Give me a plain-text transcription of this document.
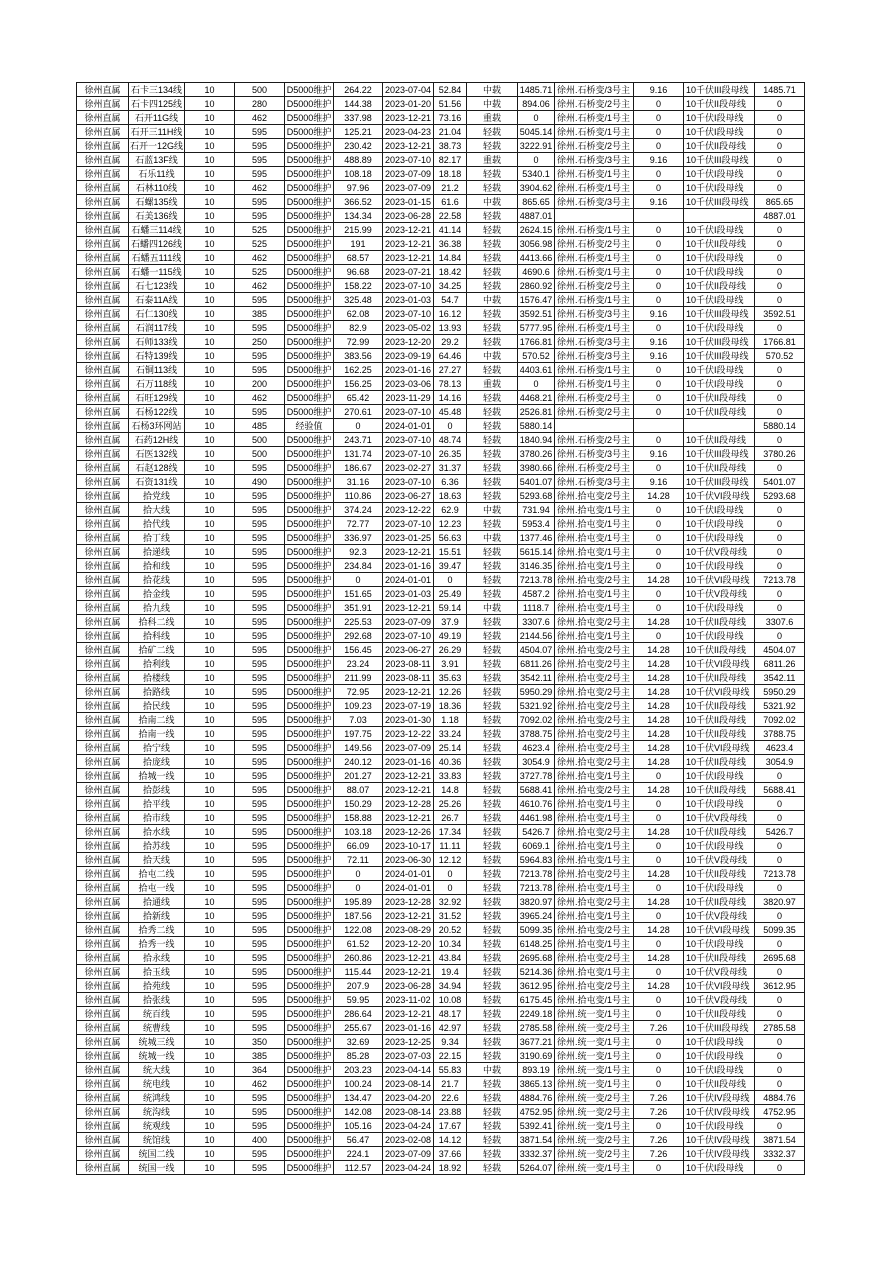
徐州直属	石卡三134线	10	500	D5000维护	264.22	2023-07-04	52.84	中载	1485.71	徐州.石桥变/3号主	9.16	10千伏III段母线	1485.71
徐州直属	石卡四125线	10	280	D5000维护	144.38	2023-01-20	51.56	中载	894.06	徐州.石桥变/2号主	0	10千伏II段母线	0
徐州直属	石开11G线	10	462	D5000维护	337.98	2023-12-21	73.16	重载	0	徐州.石桥变/1号主	0	10千伏I段母线	0
徐州直属	石开三11H线	10	595	D5000维护	125.21	2023-04-23	21.04	轻载	5045.14	徐州.石桥变/1号主	0	10千伏I段母线	0
徐州直属	石开一12G线	10	595	D5000维护	230.42	2023-12-21	38.73	轻载	3222.91	徐州.石桥变/2号主	0	10千伏II段母线	0
徐州直属	石蓝13F线	10	595	D5000维护	488.89	2023-07-10	82.17	重载	0	徐州.石桥变/3号主	9.16	10千伏III段母线	0
徐州直属	石乐11线	10	595	D5000维护	108.18	2023-07-09	18.18	轻载	5340.1	徐州.石桥变/1号主	0	10千伏I段母线	0
徐州直属	石林110线	10	462	D5000维护	97.96	2023-07-09	21.2	轻载	3904.62	徐州.石桥变/1号主	0	10千伏I段母线	0
徐州直属	石螺135线	10	595	D5000维护	366.52	2023-01-15	61.6	中载	865.65	徐州.石桥变/3号主	9.16	10千伏III段母线	865.65
徐州直属	石美136线	10	595	D5000维护	134.34	2023-06-28	22.58	轻载	4887.01				4887.01
徐州直属	石蟠三114线	10	525	D5000维护	215.99	2023-12-21	41.14	轻载	2624.15	徐州.石桥变/1号主	0	10千伏I段母线	0
徐州直属	石蟠四126线	10	525	D5000维护	191	2023-12-21	36.38	轻载	3056.98	徐州.石桥变/2号主	0	10千伏II段母线	0
徐州直属	石蟠五111线	10	462	D5000维护	68.57	2023-12-21	14.84	轻载	4413.66	徐州.石桥变/1号主	0	10千伏I段母线	0
徐州直属	石蟠一115线	10	525	D5000维护	96.68	2023-07-21	18.42	轻载	4690.6	徐州.石桥变/1号主	0	10千伏I段母线	0
徐州直属	石七123线	10	462	D5000维护	158.22	2023-07-10	34.25	轻载	2860.92	徐州.石桥变/2号主	0	10千伏II段母线	0
徐州直属	石泰11A线	10	595	D5000维护	325.48	2023-01-03	54.7	中载	1576.47	徐州.石桥变/1号主	0	10千伏I段母线	0
徐州直属	石仁130线	10	385	D5000维护	62.08	2023-07-10	16.12	轻载	3592.51	徐州.石桥变/3号主	9.16	10千伏III段母线	3592.51
徐州直属	石润117线	10	595	D5000维护	82.9	2023-05-02	13.93	轻载	5777.95	徐州.石桥变/1号主	0	10千伏I段母线	0
徐州直属	石师133线	10	250	D5000维护	72.99	2023-12-20	29.2	轻载	1766.81	徐州.石桥变/3号主	9.16	10千伏III段母线	1766.81
徐州直属	石特139线	10	595	D5000维护	383.56	2023-09-19	64.46	中载	570.52	徐州.石桥变/3号主	9.16	10千伏III段母线	570.52
徐州直属	石铜113线	10	595	D5000维护	162.25	2023-01-16	27.27	轻载	4403.61	徐州.石桥变/1号主	0	10千伏I段母线	0
徐州直属	石万118线	10	200	D5000维护	156.25	2023-03-06	78.13	重载	0	徐州.石桥变/1号主	0	10千伏I段母线	0
徐州直属	石旺129线	10	462	D5000维护	65.42	2023-11-29	14.16	轻载	4468.21	徐州.石桥变/2号主	0	10千伏II段母线	0
徐州直属	石杨122线	10	595	D5000维护	270.61	2023-07-10	45.48	轻载	2526.81	徐州.石桥变/2号主	0	10千伏II段母线	0
徐州直属	石杨3环网站	10	485	经验值	0	2024-01-01	0	轻载	5880.14				5880.14
徐州直属	石药12H线	10	500	D5000维护	243.71	2023-07-10	48.74	轻载	1840.94	徐州.石桥变/2号主	0	10千伏II段母线	0
徐州直属	石医132线	10	500	D5000维护	131.74	2023-07-10	26.35	轻载	3780.26	徐州.石桥变/3号主	9.16	10千伏III段母线	3780.26
徐州直属	石赵128线	10	595	D5000维护	186.67	2023-02-27	31.37	轻载	3980.66	徐州.石桥变/2号主	0	10千伏II段母线	0
徐州直属	石资131线	10	490	D5000维护	31.16	2023-07-10	6.36	轻载	5401.07	徐州.石桥变/3号主	9.16	10千伏III段母线	5401.07
徐州直属	拾党线	10	595	D5000维护	110.86	2023-06-27	18.63	轻载	5293.68	徐州.拾屯变/2号主	14.28	10千伏VI段母线	5293.68
徐州直属	拾大线	10	595	D5000维护	374.24	2023-12-22	62.9	中载	731.94	徐州.拾屯变/1号主	0	10千伏I段母线	0
徐州直属	拾代线	10	595	D5000维护	72.77	2023-07-10	12.23	轻载	5953.4	徐州.拾屯变/1号主	0	10千伏I段母线	0
徐州直属	拾丁线	10	595	D5000维护	336.97	2023-01-25	56.63	中载	1377.46	徐州.拾屯变/1号主	0	10千伏I段母线	0
徐州直属	拾递线	10	595	D5000维护	92.3	2023-12-21	15.51	轻载	5615.14	徐州.拾屯变/1号主	0	10千伏V段母线	0
徐州直属	拾和线	10	595	D5000维护	234.84	2023-01-16	39.47	轻载	3146.35	徐州.拾屯变/1号主	0	10千伏I段母线	0
徐州直属	拾花线	10	595	D5000维护	0	2024-01-01	0	轻载	7213.78	徐州.拾屯变/2号主	14.28	10千伏VI段母线	7213.78
徐州直属	拾金线	10	595	D5000维护	151.65	2023-01-03	25.49	轻载	4587.2	徐州.拾屯变/1号主	0	10千伏V段母线	0
徐州直属	拾九线	10	595	D5000维护	351.91	2023-12-21	59.14	中载	1118.7	徐州.拾屯变/1号主	0	10千伏I段母线	0
徐州直属	拾科二线	10	595	D5000维护	225.53	2023-07-09	37.9	轻载	3307.6	徐州.拾屯变/2号主	14.28	10千伏II段母线	3307.6
徐州直属	拾科线	10	595	D5000维护	292.68	2023-07-10	49.19	轻载	2144.56	徐州.拾屯变/1号主	0	10千伏I段母线	0
徐州直属	拾矿二线	10	595	D5000维护	156.45	2023-06-27	26.29	轻载	4504.07	徐州.拾屯变/2号主	14.28	10千伏II段母线	4504.07
徐州直属	拾利线	10	595	D5000维护	23.24	2023-08-11	3.91	轻载	6811.26	徐州.拾屯变/2号主	14.28	10千伏VI段母线	6811.26
徐州直属	拾楼线	10	595	D5000维护	211.99	2023-08-11	35.63	轻载	3542.11	徐州.拾屯变/2号主	14.28	10千伏II段母线	3542.11
徐州直属	拾路线	10	595	D5000维护	72.95	2023-12-21	12.26	轻载	5950.29	徐州.拾屯变/2号主	14.28	10千伏VI段母线	5950.29
徐州直属	拾民线	10	595	D5000维护	109.23	2023-07-19	18.36	轻载	5321.92	徐州.拾屯变/2号主	14.28	10千伏II段母线	5321.92
徐州直属	拾南二线	10	595	D5000维护	7.03	2023-01-30	1.18	轻载	7092.02	徐州.拾屯变/2号主	14.28	10千伏II段母线	7092.02
徐州直属	拾南一线	10	595	D5000维护	197.75	2023-12-22	33.24	轻载	3788.75	徐州.拾屯变/2号主	14.28	10千伏II段母线	3788.75
徐州直属	拾宁线	10	595	D5000维护	149.56	2023-07-09	25.14	轻载	4623.4	徐州.拾屯变/2号主	14.28	10千伏VI段母线	4623.4
徐州直属	拾庞线	10	595	D5000维护	240.12	2023-01-16	40.36	轻载	3054.9	徐州.拾屯变/2号主	14.28	10千伏II段母线	3054.9
徐州直属	拾城一线	10	595	D5000维护	201.27	2023-12-21	33.83	轻载	3727.78	徐州.拾屯变/1号主	0	10千伏I段母线	0
徐州直属	拾彭线	10	595	D5000维护	88.07	2023-12-21	14.8	轻载	5688.41	徐州.拾屯变/2号主	14.28	10千伏II段母线	5688.41
徐州直属	拾平线	10	595	D5000维护	150.29	2023-12-28	25.26	轻载	4610.76	徐州.拾屯变/1号主	0	10千伏I段母线	0
徐州直属	拾市线	10	595	D5000维护	158.88	2023-12-21	26.7	轻载	4461.98	徐州.拾屯变/1号主	0	10千伏V段母线	0
徐州直属	拾水线	10	595	D5000维护	103.18	2023-12-26	17.34	轻载	5426.7	徐州.拾屯变/2号主	14.28	10千伏II段母线	5426.7
徐州直属	拾苏线	10	595	D5000维护	66.09	2023-10-17	11.11	轻载	6069.1	徐州.拾屯变/1号主	0	10千伏I段母线	0
徐州直属	拾天线	10	595	D5000维护	72.11	2023-06-30	12.12	轻载	5964.83	徐州.拾屯变/1号主	0	10千伏V段母线	0
徐州直属	拾屯二线	10	595	D5000维护	0	2024-01-01	0	轻载	7213.78	徐州.拾屯变/2号主	14.28	10千伏II段母线	7213.78
徐州直属	拾屯一线	10	595	D5000维护	0	2024-01-01	0	轻载	7213.78	徐州.拾屯变/1号主	0	10千伏I段母线	0
徐州直属	拾通线	10	595	D5000维护	195.89	2023-12-28	32.92	轻载	3820.97	徐州.拾屯变/2号主	14.28	10千伏II段母线	3820.97
徐州直属	拾新线	10	595	D5000维护	187.56	2023-12-21	31.52	轻载	3965.24	徐州.拾屯变/1号主	0	10千伏V段母线	0
徐州直属	拾秀二线	10	595	D5000维护	122.08	2023-08-29	20.52	轻载	5099.35	徐州.拾屯变/2号主	14.28	10千伏VI段母线	5099.35
徐州直属	拾秀一线	10	595	D5000维护	61.52	2023-12-20	10.34	轻载	6148.25	徐州.拾屯变/1号主	0	10千伏I段母线	0
徐州直属	拾永线	10	595	D5000维护	260.86	2023-12-21	43.84	轻载	2695.68	徐州.拾屯变/2号主	14.28	10千伏II段母线	2695.68
徐州直属	拾玉线	10	595	D5000维护	115.44	2023-12-21	19.4	轻载	5214.36	徐州.拾屯变/1号主	0	10千伏V段母线	0
徐州直属	拾苑线	10	595	D5000维护	207.9	2023-06-28	34.94	轻载	3612.95	徐州.拾屯变/2号主	14.28	10千伏VI段母线	3612.95
徐州直属	拾张线	10	595	D5000维护	59.95	2023-11-02	10.08	轻载	6175.45	徐州.拾屯变/1号主	0	10千伏V段母线	0
徐州直属	统百线	10	595	D5000维护	286.64	2023-12-21	48.17	轻载	2249.18	徐州.统一变/1号主	0	10千伏II段母线	0
徐州直属	统曹线	10	595	D5000维护	255.67	2023-01-16	42.97	轻载	2785.58	徐州.统一变/2号主	7.26	10千伏III段母线	2785.58
徐州直属	统城三线	10	350	D5000维护	32.69	2023-12-25	9.34	轻载	3677.21	徐州.统一变/1号主	0	10千伏I段母线	0
徐州直属	统城一线	10	385	D5000维护	85.28	2023-07-03	22.15	轻载	3190.69	徐州.统一变/1号主	0	10千伏I段母线	0
徐州直属	统大线	10	364	D5000维护	203.23	2023-04-14	55.83	中载	893.19	徐州.统一变/1号主	0	10千伏I段母线	0
徐州直属	统电线	10	462	D5000维护	100.24	2023-08-14	21.7	轻载	3865.13	徐州.统一变/1号主	0	10千伏II段母线	0
徐州直属	统鸿线	10	595	D5000维护	134.47	2023-04-20	22.6	轻载	4884.76	徐州.统一变/2号主	7.26	10千伏IV段母线	4884.76
徐州直属	统沟线	10	595	D5000维护	142.08	2023-08-14	23.88	轻载	4752.95	徐州.统一变/2号主	7.26	10千伏IV段母线	4752.95
徐州直属	统观线	10	595	D5000维护	105.16	2023-04-24	17.67	轻载	5392.41	徐州.统一变/1号主	0	10千伏I段母线	0
徐州直属	统馆线	10	400	D5000维护	56.47	2023-02-08	14.12	轻载	3871.54	徐州.统一变/2号主	7.26	10千伏IV段母线	3871.54
徐州直属	统国二线	10	595	D5000维护	224.1	2023-07-09	37.66	轻载	3332.37	徐州.统一变/2号主	7.26	10千伏IV段母线	3332.37
徐州直属	统国一线	10	595	D5000维护	112.57	2023-04-24	18.92	轻载	5264.07	徐州.统一变/1号主	0	10千伏I段母线	0
